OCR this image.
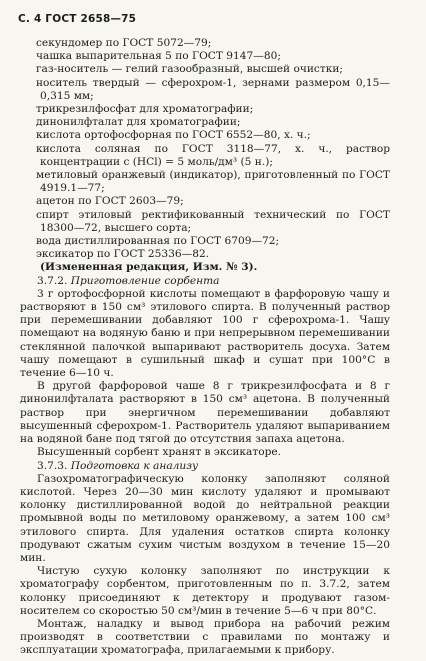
С. 4 ГОСТ 2658—75

секундомер по ГОСТ 5072—79;

чашка выпарительная 5 по ГОСТ 9147—80;

газ-носитель — гелий газообразный, высшей очистки;

носитель твердый — сферохром-1, зернами размером 0,15—0,315 мм;

трикрезилфосфат для хроматографии;

динонилфталат для хроматографии;

кислота ортофосфорная по ГОСТ 6552—80, х. ч.;

кислота соляная по ГОСТ 3118—77, х. ч., раствор концентрации с (HCl) = 5 моль/дм³ (5 н.);

метиловый оранжевый (индикатор), приготовленный по ГОСТ 4919.1—77;

ацетон по ГОСТ 2603—79;

спирт этиловый ректификованный технический по ГОСТ 18300—72, высшего сорта;

вода дистиллированная по ГОСТ 6709—72;

эксикатор по ГОСТ 25336—82.

(Измененная редакция, Изм. № 3).

3.7.2. Приготовление сорбента

3 г ортофосфорной кислоты помещают в фарфоровую чашу и растворяют в 150 см³ этилового спирта. В полученный раствор при перемешивании добавляют 100 г сферохрома-1. Чашу помещают на водяную баню и при непрерывном перемешивании стеклянной палочкой выпаривают растворитель досуха. Затем чашу помещают в сушильный шкаф и сушат при 100°С в течение 6—10 ч.

В другой фарфоровой чаше 8 г трикрезилфосфата и 8 г динонилфталата растворяют в 150 см³ ацетона. В полученный раствор при энергичном перемешивании добавляют высушенный сферохром-1. Растворитель удаляют выпариванием на водяной бане под тягой до отсутствия запаха ацетона.

Высушенный сорбент хранят в эксикаторе.

3.7.3. Подготовка к анализу

Газохроматографическую колонку заполняют соляной кислотой. Через 20—30 мин кислоту удаляют и промывают колонку дистиллированной водой до нейтральной реакции промывной воды по метиловому оранжевому, а затем 100 см³ этилового спирта. Для удаления остатков спирта колонку продувают сжатым сухим чистым воздухом в течение 15—20 мин.

Чистую сухую колонку заполняют по инструкции к хроматографу сорбентом, приготовленным по п. 3.7.2, затем колонку присоединяют к детектору и продувают газом-носителем со скоростью 50 см³/мин в течение 5—6 ч при 80°С.

Монтаж, наладку и вывод прибора на рабочий режим производят в соответствии с правилами по монтажу и эксплуатации хроматографа, прилагаемыми к прибору.
